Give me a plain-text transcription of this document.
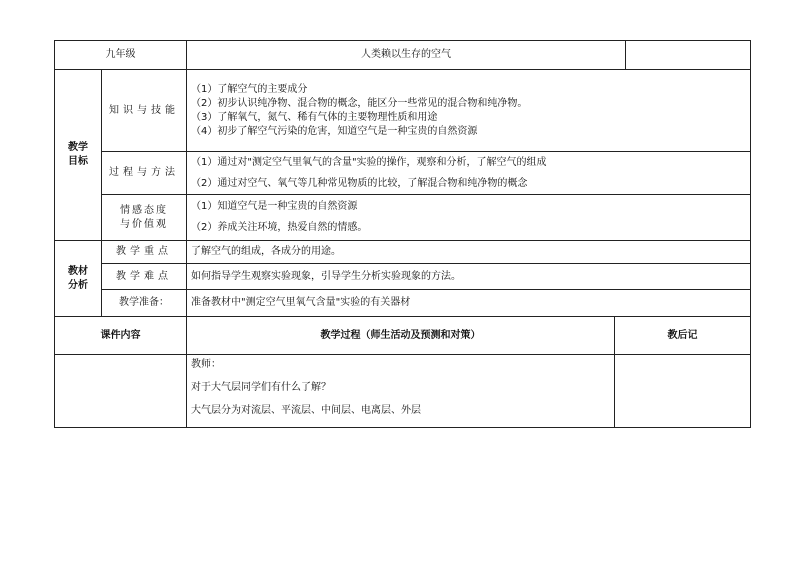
九年级		人类赖以生存的空气		

教学
目标	知识与技能	（1）了解空气的主要成分
（2）初步认识纯净物、混合物的概念，能区分一些常见的混合物和纯净物。
（3）了解氧气，氮气、稀有气体的主要物理性质和用途
（4）初步了解空气污染的危害，知道空气是一种宝贵的自然资源		

	过程与方法	（1）通过对"测定空气里氧气的含量"实验的操作，观察和分析，了解空气的组成
（2）通过对空气、氧气等几种常见物质的比较，了解混合物和纯净物的概念		

	情感态度
与价值观	（1）知道空气是一种宝贵的自然资源
（2）养成关注环境，热爱自然的情感。		

教材
分析	教学重点	了解空气的组成，各成分的用途。		
	教学难点	如何指导学生观察实验现象，引导学生分析实验现象的方法。		
	教学准备：	准备教材中"测定空气里氧气含量"实验的有关器材		
课件内容		教学过程（师生活动及预测和对策）	教后记	

		教师：
对于大气层同学们有什么了解？
大气层分为对流层、平流层、中间层、电离层、外层		
